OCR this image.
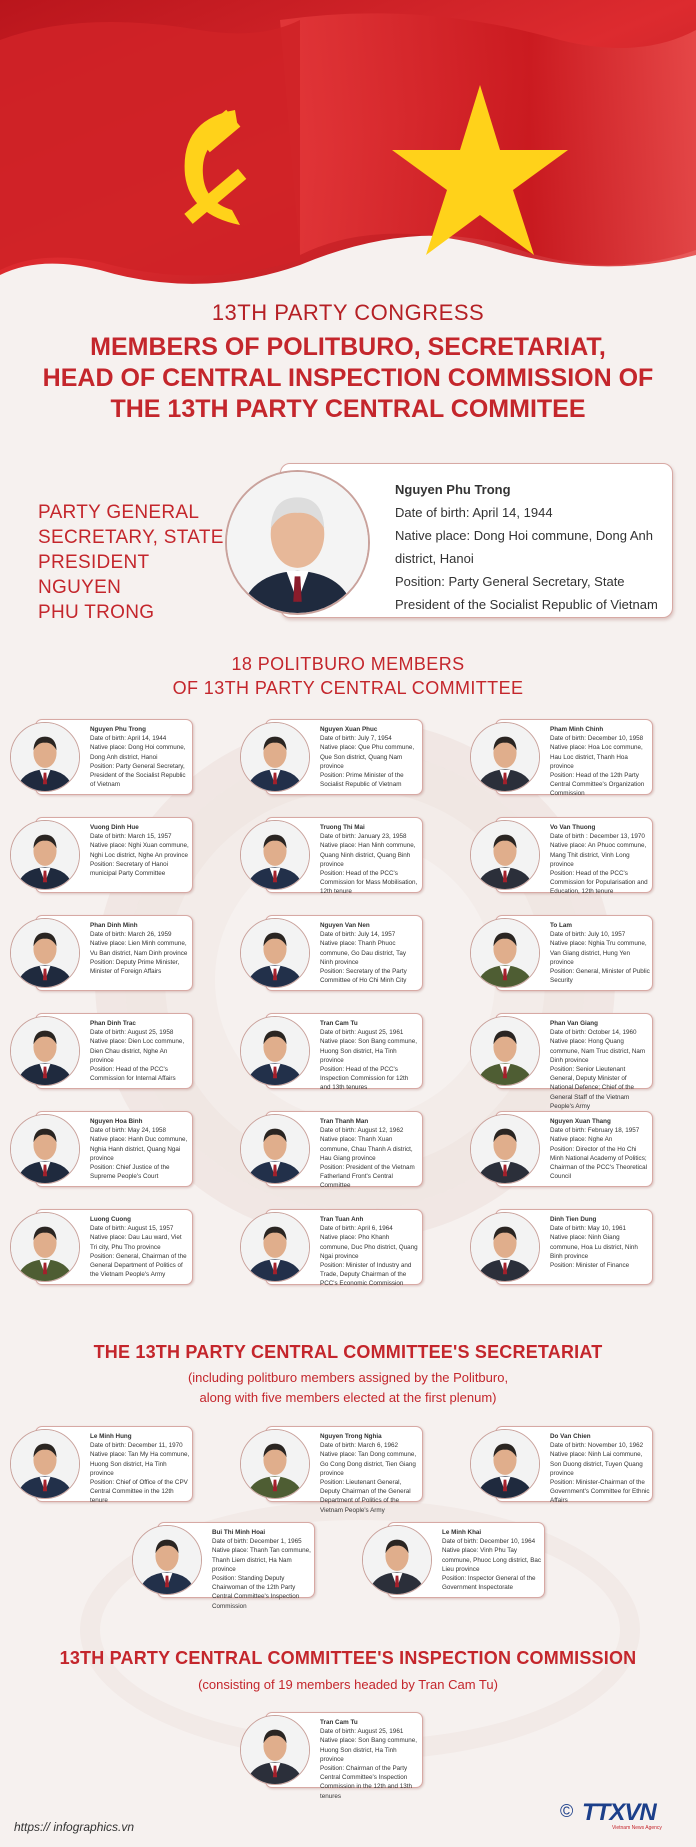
13TH PARTY CONGRESS
MEMBERS OF POLITBURO, SECRETARIAT,
HEAD OF CENTRAL INSPECTION COMMISSION OF
THE 13TH PARTY CENTRAL COMMITEE
PARTY GENERAL
SECRETARY, STATE
PRESIDENT NGUYEN
PHU TRONG
Nguyen Phu Trong
Date of birth: April 14, 1944
Native place: Dong Hoi commune, Dong Anh district, Hanoi
Position: Party General Secretary, State President of the Socialist Republic of Vietnam
18 POLITBURO MEMBERS
OF 13TH PARTY CENTRAL COMMITTEE
Nguyen Phu Trong
Date of birth: April 14, 1944
Native place: Dong Hoi commune, Dong Anh district, Hanoi
Position: Party General Secretary, President of the Socialist Republic of Vietnam
Nguyen Xuan Phuc
Date of birth: July 7, 1954
Native place: Que Phu commune, Que Son district, Quang Nam province
Position: Prime Minister of the Socialist Republic of Vietnam
Pham Minh Chinh
Date of birth: December 10, 1958
Native place: Hoa Loc commune, Hau Loc district, Thanh Hoa province
Position: Head of the 12th Party Central Committee's Organization Commission
Vuong Dinh Hue
Date of birth: March 15, 1957
Native place: Nghi Xuan commune, Nghi Loc district, Nghe An province
Position: Secretary of Hanoi municipal Party Committee
Truong Thi Mai
Date of birth: January 23, 1958
Native place: Han Ninh commune, Quang Ninh district, Quang Binh province
Position: Head of the PCC's Commission for Mass Mobilisation, 12th tenure
Vo Van Thuong
Date of birth : December 13, 1970
Native place: An Phuoc commune, Mang Thit district, Vinh Long province
Position: Head of the PCC's Commission for Popularisation and Education, 12th tenure
Phan Dinh Minh
Date of birth: March 26, 1959
Native place: Lien Minh commune, Vu Ban district, Nam Dinh province
Position: Deputy Prime Minister, Minister of Foreign Affairs
Nguyen Van Nen
Date of birth: July 14, 1957
Native place: Thanh Phuoc commune, Go Dau district, Tay Ninh province
Position: Secretary of the Party Committee of Ho Chi Minh City
To Lam
Date of birth: July 10, 1957
Native place: Nghia Tru commune, Van Giang district, Hung Yen province
Position: General, Minister of Public Security
Phan Dinh Trac
Date of birth: August 25, 1958
Native place: Dien Loc commune, Dien Chau district, Nghe An province
Position: Head of the PCC's Commission for Internal Affairs
Tran Cam Tu
Date of birth: August 25, 1961
Native place: Son Bang commune, Huong Son district, Ha Tinh province
Position: Head of the PCC's Inspection Commission for 12th and 13th tenures
Phan Van Giang
Date of birth: October 14, 1960
Native place: Hong Quang commune, Nam Truc district, Nam Dinh province
Position: Senior Lieutenant General, Deputy Minister of National Defence; Chief of the General Staff of the Vietnam People's Army
Nguyen Hoa Binh
Date of birth: May 24, 1958
Native place: Hanh Duc commune, Nghia Hanh district, Quang Ngai province
Position: Chief Justice of the Supreme People's Court
Tran Thanh Man
Date of birth: August 12, 1962
Native place: Thanh Xuan commune, Chau Thanh A district, Hau Giang province
Position: President of the Vietnam Fatherland Front's Central Committee
Nguyen Xuan Thang
Date of birth: February 18, 1957
Native place: Nghe An
Position: Director of the Ho Chi Minh National Academy of Politics; Chairman of the PCC's Theoretical Council
Luong Cuong
Date of birth: August 15, 1957
Native place: Dau Lau ward, Viet Tri city, Phu Tho province
Position: General, Chairman of the General Department of Politics of the Vietnam People's Army
Tran Tuan Anh
Date of birth: April 6, 1964
Native place: Pho Khanh commune, Duc Pho district, Quang Ngai province
Position: Minister of Industry and Trade, Deputy Chairman of the PCC's Economic Commission
Dinh Tien Dung
Date of birth: May 10, 1961
Native place: Ninh Giang commune, Hoa Lu district, Ninh Binh province
Position: Minister of Finance
THE 13TH PARTY CENTRAL COMMITTEE'S SECRETARIAT
(including politburo members assigned by the Politburo,
along with five members elected at the first plenum)
Le Minh Hung
Date of birth: December 11, 1970
Native place: Tan My Ha commune, Huong Son district, Ha Tinh province
Position: Chief of Office of the CPV Central Committee in the 12th tenure
Nguyen Trong Nghia
Date of birth: March 6, 1962
Native place: Tan Dong commune, Go Cong Dong district, Tien Giang province
Position: Lieutenant General, Deputy Chairman of the General Department of Politics of the Vietnam People's Army
Do Van Chien
Date of birth: November 10, 1962
Native place: Ninh Lai commune, Son Duong district, Tuyen Quang province
Position: Minister-Chairman of the Government's Committee for Ethnic Affairs
Bui Thi Minh Hoai
Date of birth: December 1, 1965
Native place: Thanh Tan commune, Thanh Liem district, Ha Nam province
Position: Standing Deputy Chairwoman of the 12th Party Central Committee's Inspection Commission
Le Minh Khai
Date of birth: December 10, 1964
Native place: Vinh Phu Tay commune, Phuoc Long district, Bac Lieu province
Position: Inspector General of the Government Inspectorate
13TH PARTY CENTRAL COMMITTEE'S INSPECTION COMMISSION
(consisting of 19 members headed by Tran Cam Tu)
Tran Cam Tu
Date of birth: August 25, 1961
Native place: Son Bang commune, Huong Son district, Ha Tinh province
Position: Chairman of the Party Central Committee's Inspection Commission in the 12th and 13th tenures
https:// infographics.vn
© TTXVN
Vietnam News Agency
